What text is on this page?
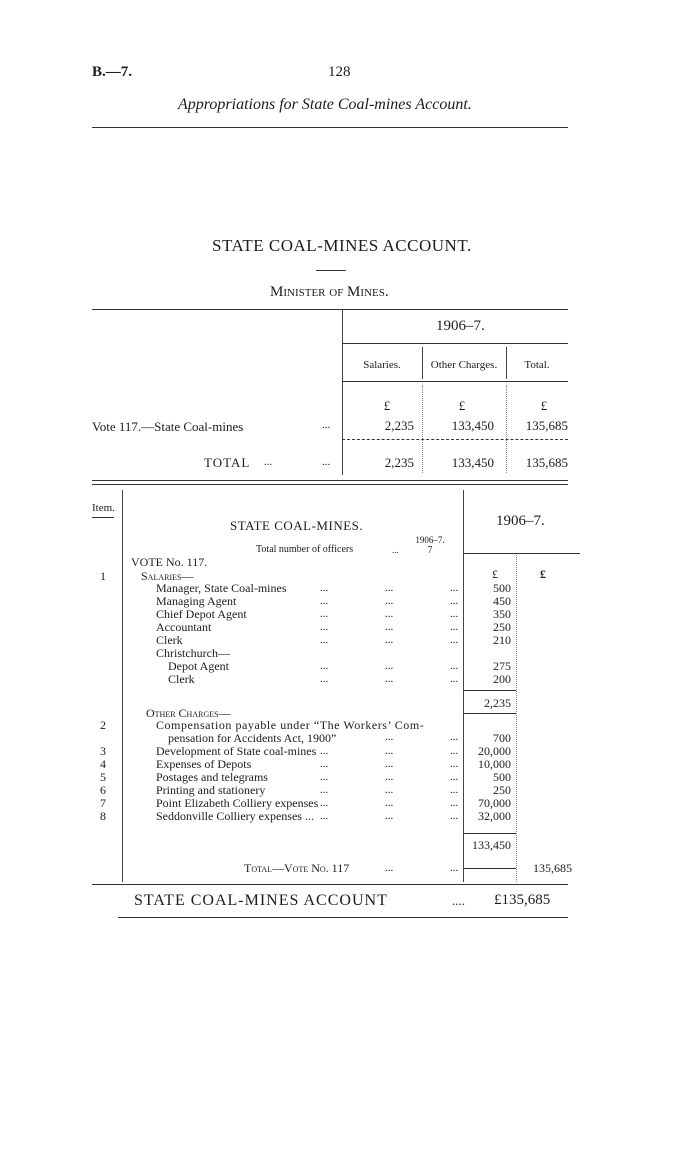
B.—7.	128
Appropriations for State Coal-mines Account.
STATE COAL-MINES ACCOUNT.
Minister of Mines.
1906–7.
Salaries.	Other Charges.	Total.
£	£	£
Vote 117.—State Coal-mines	...	2,235	133,450	135,685
TOTAL ...	...	2,235	133,450	135,685
Item.
STATE COAL-MINES.
1906–7.
Total number of officers	...	7
1906–7.
VOTE No. 117.
£	£
1	Salaries—
Manager, State Coal-mines	...	...	...	500
Managing Agent	...	...	...	450
Chief Depot Agent	...	...	...	350
Accountant	...	...	...	250
Clerk	...	...	...	210
Christchurch—
Depot Agent	...	...	...	275
Clerk	...	...	...	200
2,235
Other Charges—
2	Compensation payable under “The Workers’ Com-
pensation for Accidents Act, 1900”	...	...	700
3	Development of State coal-mines ...	...	...	20,000
4	Expenses of Depots	...	...	...	10,000
5	Postages and telegrams	...	...	...	500
6	Printing and stationery	...	...	...	250
7	Point Elizabeth Colliery expenses ...	...	...	70,000
8	Seddonville Colliery expenses ... ...	...	...	32,000
133,450
Total—Vote No. 117	...	...	135,685
STATE COAL-MINES ACCOUNT	.... £135,685
